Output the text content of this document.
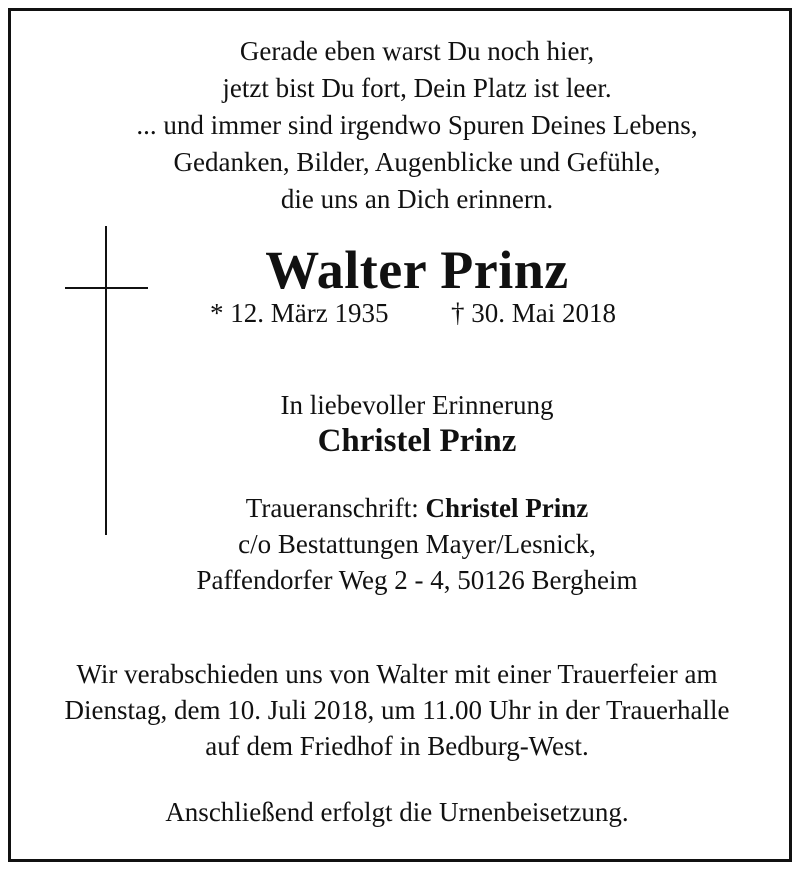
Gerade eben warst Du noch hier,
jetzt bist Du fort, Dein Platz ist leer.
... und immer sind irgendwo Spuren Deines Lebens,
Gedanken, Bilder, Augenblicke und Gefühle,
die uns an Dich erinnern.
Walter Prinz
* 12. März 1935 † 30. Mai 2018
In liebevoller Erinnerung
Christel Prinz
Traueranschrift: Christel Prinz
c/o Bestattungen Mayer/Lesnick,
Paffendorfer Weg 2 - 4, 50126 Bergheim
Wir verabschieden uns von Walter mit einer Trauerfeier am
Dienstag, dem 10. Juli 2018, um 11.00 Uhr in der Trauerhalle
auf dem Friedhof in Bedburg-West.
Anschließend erfolgt die Urnenbeisetzung.
